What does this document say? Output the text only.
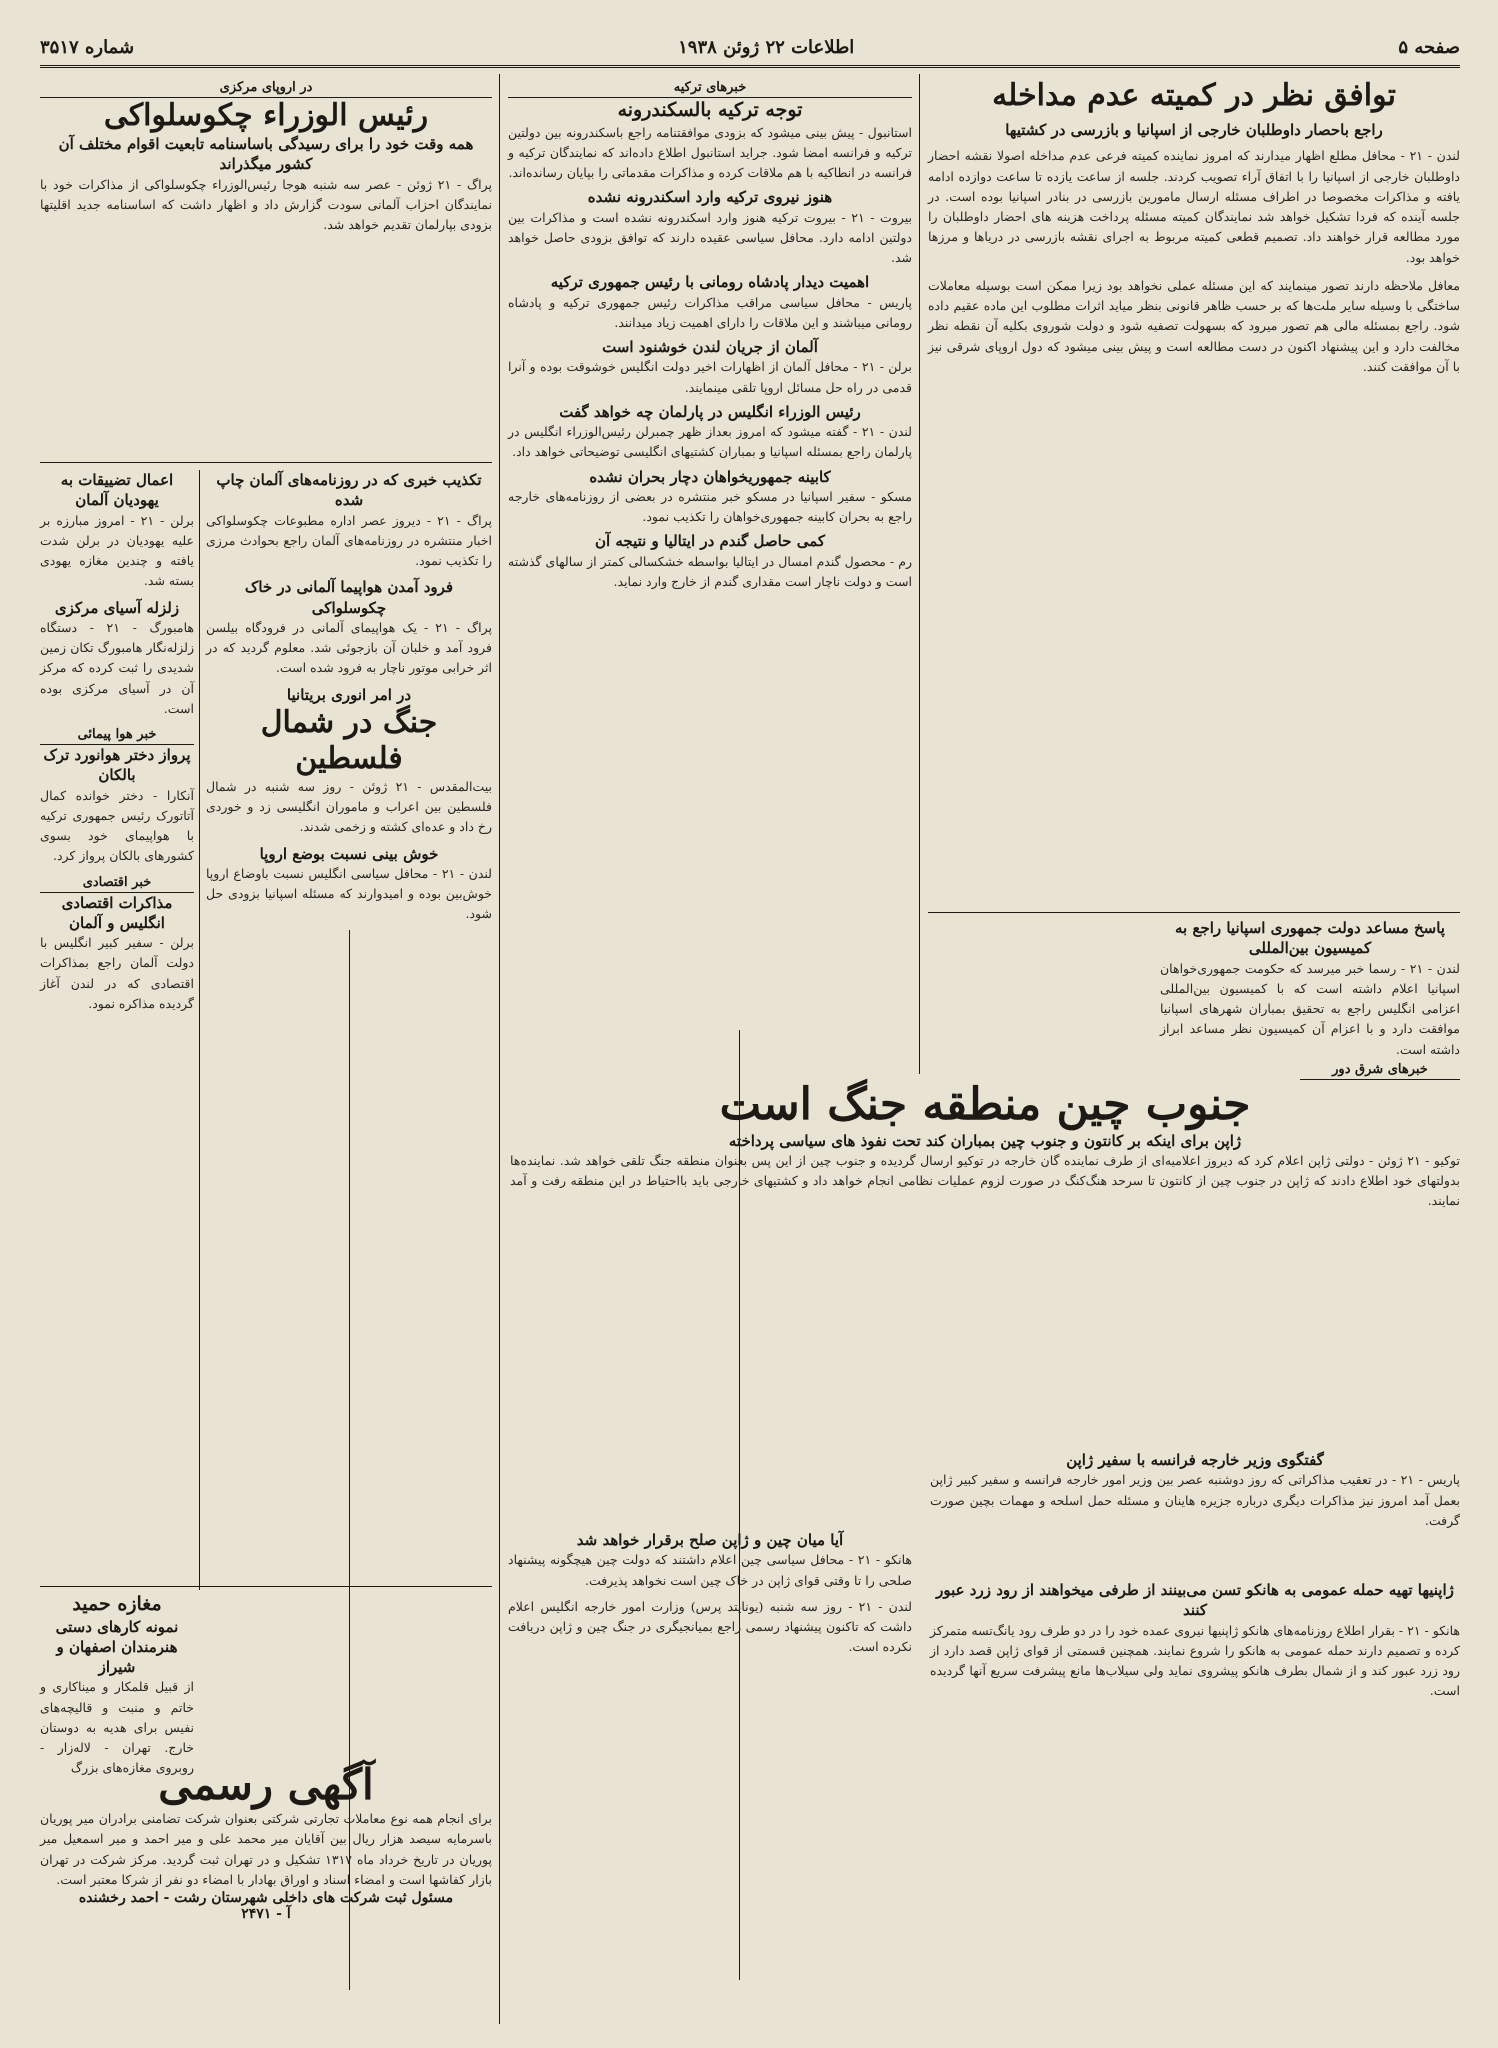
صفحه ۵
اطلاعات ۲۲ ژوئن ۱۹۳۸
شماره ۳۵۱۷
توافق نظر در کمیته عدم مداخله
راجع باحصار داوطلبان خارجی از اسپانیا و بازرسی در کشتیها
لندن - ۲۱ - محافل مطلع اظهار میدارند که امروز نماینده کمیته فرعی عدم مداخله اصولا نقشه احضار داوطلبان خارجی از اسپانیا را با اتفاق آراء تصویب کردند. جلسه از ساعت یازده تا ساعت دوازده ادامه یافته و مذاکرات مخصوصا در اطراف مسئله ارسال مامورین بازرسی در بنادر اسپانیا بوده است. در جلسه آینده که فردا تشکیل خواهد شد نمایندگان کمیته مسئله پرداخت هزینه های احضار داوطلبان را مورد مطالعه قرار خواهند داد. تصمیم قطعی کمیته مربوط به اجرای نقشه بازرسی در دریاها و مرزها خواهد بود.
معافل ملاحظه دارند تصور مینمایند که این مسئله عملی نخواهد بود زیرا ممکن است بوسیله معاملات ساختگی با وسیله سایر ملت‌ها که بر حسب ظاهر قانونی بنظر میاید اثرات مطلوب این ماده عقیم داده شود. راجع بمسئله مالی هم تصور میرود که بسهولت تصفیه شود و دولت شوروی بکلیه آن نقطه نظر مخالفت دارد و این پیشنهاد اکنون در دست مطالعه است و پیش بینی میشود که دول اروپای شرقی نیز با آن موافقت کنند.
پاسخ مساعد دولت جمهوری اسپانیا راجع به کمیسیون بین‌المللی
لندن - ۲۱ - رسما خبر میرسد که حکومت جمهوری‌خواهان اسپانیا اعلام داشته است که با کمیسیون بین‌المللی اعزامی انگلیس راجع به تحقیق بمباران شهرهای اسپانیا موافقت دارد و با اعزام آن کمیسیون نظر مساعد ابراز داشته است.
خبرهای شرق دور
جنوب چین منطقه جنگ است
ژاپن برای اینکه بر کانتون و جنوب چین بمباران کند تحت نفوذ های سیاسی پرداخته
توکیو - ۲۱ ژوئن - دولتی ژاپن اعلام کرد که دیروز اعلامیه‌ای از طرف نماینده گان خارجه در توکیو ارسال گردیده و جنوب چین از این پس بعنوان منطقه جنگ تلقی خواهد شد. نماینده‌ها بدولتهای خود اطلاع دادند که ژاپن در جنوب چین از کانتون تا سرحد هنگ‌کنگ در صورت لزوم عملیات نظامی انجام خواهد داد و کشتیهای خارجی باید بااحتیاط در این منطقه رفت و آمد نمایند.
گفتگوی وزیر خارجه فرانسه با سفیر ژاپن
پاریس - ۲۱ - در تعقیب مذاکراتی که روز دوشنبه عصر بین وزیر امور خارجه فرانسه و سفیر کبیر ژاپن بعمل آمد امروز نیز مذاکرات دیگری درباره جزیره هاینان و مسئله حمل اسلحه و مهمات بچین صورت گرفت.
ژاپنیها تهیه حمله عمومی به هانکو تسن می‌بینند از طرفی میخواهند از رود زرد عبور کنند
هانکو - ۲۱ - بقرار اطلاع روزنامه‌های هانکو ژاپنیها نیروی عمده خود را در دو طرف رود یانگ‌تسه متمرکز کرده و تصمیم دارند حمله عمومی به هانکو را شروع نمایند. همچنین قسمتی از قوای ژاپن قصد دارد از رود زرد عبور کند و از شمال بطرف هانکو پیشروی نماید ولی سیلاب‌ها مانع پیشرفت سریع آنها گردیده است.
خبرهای ترکیه
توجه ترکیه بالسکندرونه
استانبول - پیش بینی میشود که بزودی موافقتنامه راجع باسکندرونه بین دولتین ترکیه و فرانسه امضا شود. جراید استانبول اطلاع داده‌اند که نمایندگان ترکیه و فرانسه در انطاکیه با هم ملاقات کرده و مذاکرات مقدماتی را بپایان رسانده‌اند.
هنوز نیروی ترکیه وارد اسکندرونه نشده
بیروت - ۲۱ - بیروت ترکیه هنوز وارد اسکندرونه نشده است و مذاکرات بین دولتین ادامه دارد. محافل سیاسی عقیده دارند که توافق بزودی حاصل خواهد شد.
اهمیت دیدار پادشاه رومانی با رئیس جمهوری ترکیه
پاریس - محافل سیاسی مراقب مذاکرات رئیس جمهوری ترکیه و پادشاه رومانی میباشند و این ملاقات را دارای اهمیت زیاد میدانند.
آلمان از جریان لندن خوشنود است
برلن - ۲۱ - محافل آلمان از اظهارات اخیر دولت انگلیس خوشوقت بوده و آنرا قدمی در راه حل مسائل اروپا تلقی مینمایند.
رئیس الوزراء انگلیس در پارلمان چه خواهد گفت
لندن - ۲۱ - گفته میشود که امروز بعداز ظهر چمبرلن رئیس‌الوزراء انگلیس در پارلمان راجع بمسئله اسپانیا و بمباران کشتیهای انگلیسی توضیحاتی خواهد داد.
کابینه جمهوریخواهان دچار بحران نشده
مسکو - سفیر اسپانیا در مسکو خبر منتشره در بعضی از روزنامه‌های خارجه راجع به بحران کابینه جمهوری‌خواهان را تکذیب نمود.
کمی حاصل گندم در ایتالیا و نتیجه آن
رم - محصول گندم امسال در ایتالیا بواسطه خشکسالی کمتر از سالهای گذشته است و دولت ناچار است مقداری گندم از خارج وارد نماید.
آیا میان چین و ژاپن صلح برقرار خواهد شد
هانکو - ۲۱ - محافل سیاسی چین اعلام داشتند که دولت چین هیچگونه پیشنهاد صلحی را تا وقتی قوای ژاپن در خاک چین است نخواهد پذیرفت.
لندن - ۲۱ - روز سه شنبه (یونایتد پرس) وزارت امور خارجه انگلیس اعلام داشت که تاکنون پیشنهاد رسمی راجع بمیانجیگری در جنگ چین و ژاپن دریافت نکرده است.
در اروپای مرکزی
رئیس الوزراء چکوسلواکی
همه وقت خود را برای رسیدگی باساسنامه تابعیت اقوام مختلف آن کشور میگذراند
پراگ - ۲۱ ژوئن - عصر سه شنبه هوجا رئیس‌الوزراء چکوسلواکی از مذاکرات خود با نمایندگان احزاب آلمانی سودت گزارش داد و اظهار داشت که اساسنامه جدید اقلیتها بزودی بپارلمان تقدیم خواهد شد.
تکذیب خبری که در روزنامه‌های آلمان چاپ شده
پراگ - ۲۱ - دیروز عصر اداره مطبوعات چکوسلواکی اخبار منتشره در روزنامه‌های آلمان راجع بحوادث مرزی را تکذیب نمود.
فرود آمدن هواپیما آلمانی در خاک چکوسلواکی
پراگ - ۲۱ - یک هواپیمای آلمانی در فرودگاه بیلسن فرود آمد و خلبان آن بازجوئی شد. معلوم گردید که در اثر خرابی موتور ناچار به فرود شده است.
در امر انوری بریتانیا
جنگ در شمال فلسطین
بیت‌المقدس - ۲۱ ژوئن - روز سه شنبه در شمال فلسطین بین اعراب و ماموران انگلیسی زد و خوردی رخ داد و عده‌ای کشته و زخمی شدند.
خوش بینی نسبت بوضع اروپا
لندن - ۲۱ - محافل سیاسی انگلیس نسبت باوضاع اروپا خوش‌بین بوده و امیدوارند که مسئله اسپانیا بزودی حل شود.
اعمال تضییقات به یهودیان آلمان
برلن - ۲۱ - امروز مبارزه بر علیه یهودیان در برلن شدت یافته و چندین مغازه یهودی بسته شد.
زلزله آسیای مرکزی
هامبورگ - ۲۱ - دستگاه زلزله‌نگار هامبورگ تکان زمین شدیدی را ثبت کرده که مرکز آن در آسیای مرکزی بوده است.
خبر هوا پیمائی
پرواز دختر هوانورد ترک بالکان
آنکارا - دختر خوانده کمال آتاتورک رئیس جمهوری ترکیه با هواپیمای خود بسوی کشورهای بالکان پرواز کرد.
خبر اقتصادی
مذاکرات اقتصادی انگلیس و آلمان
برلن - سفیر کبیر انگلیس با دولت آلمان راجع بمذاکرات اقتصادی که در لندن آغاز گردیده مذاکره نمود.
مغازه حمید
نمونه کارهای دستی هنرمندان اصفهان و شیراز
از قبیل قلمکار و میناکاری و خاتم و منبت و قالیچه‌های نفیس برای هدیه به دوستان خارج. تهران - لاله‌زار - روبروی مغازه‌های بزرگ
آگهی رسمی
برای انجام همه نوع معاملات تجارتی شرکتی بعنوان شرکت تضامنی برادران میر پوریان باسرمایه سیصد هزار ریال بین آقایان میر محمد علی و میر احمد و میر اسمعیل میر پوریان در تاریخ خرداد ماه ۱۳۱۷ تشکیل و در تهران ثبت گردید. مرکز شرکت در تهران بازار کفاشها است و امضاء اسناد و اوراق بهادار با امضاء دو نفر از شرکا معتبر است.
مسئول ثبت شرکت های داخلی شهرستان رشت - احمد رخشنده
آ - ۲۴۷۱
